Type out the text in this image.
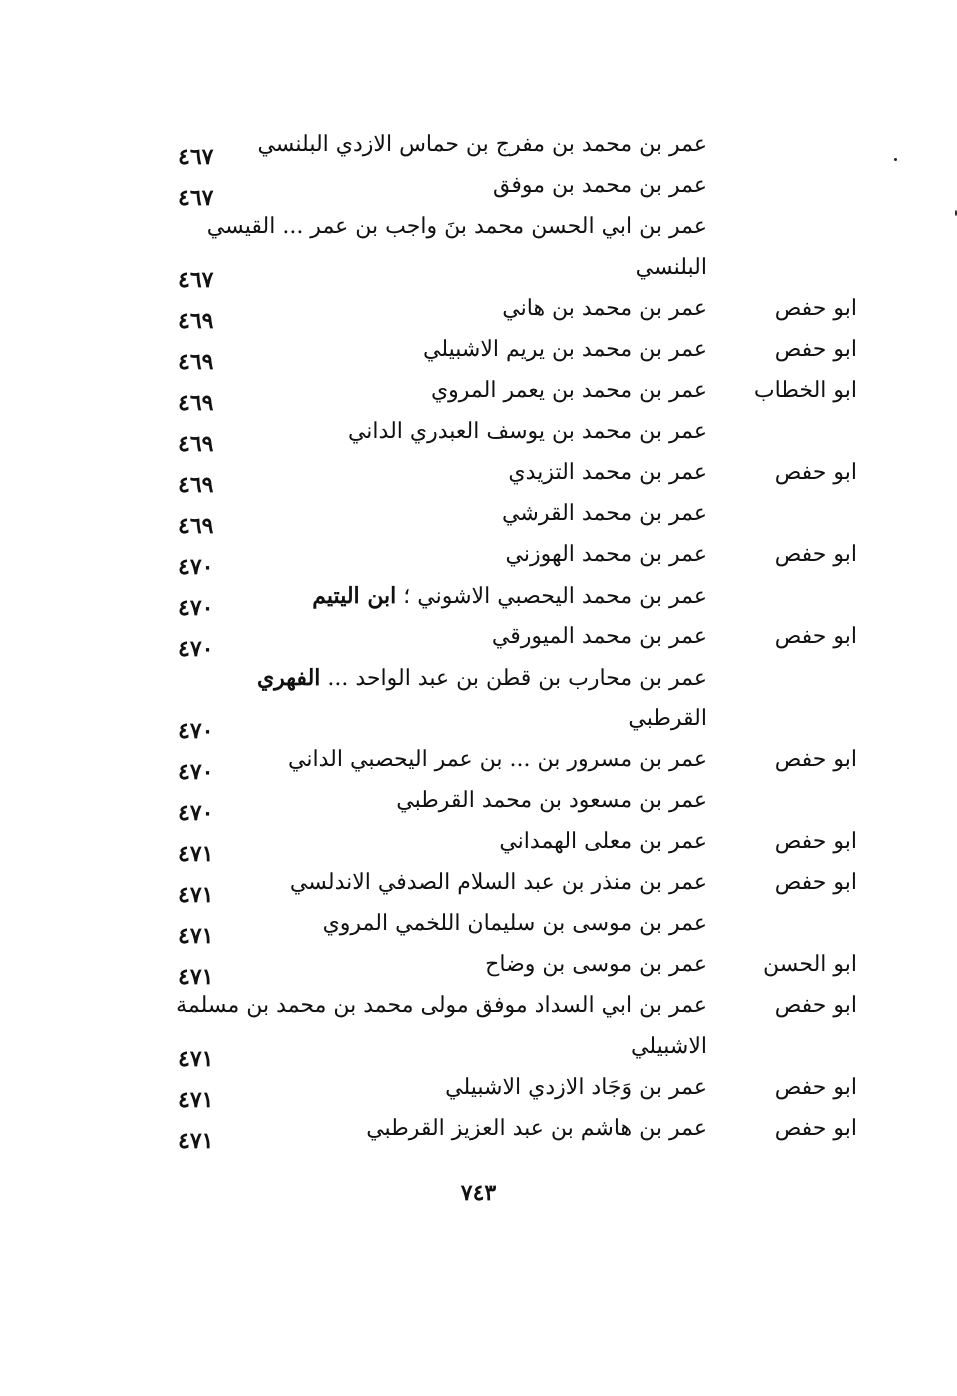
٧٤٣
عمر بن محمد بن مفرج بن حماس الازدي البلنسي
٤٦٧
عمر بن محمد بن موفق
٤٦٧
عمر بن ابي الحسن محمد بنَ واجب بن عمر ... القيسي
البلنسي
٤٦٧
ابو حفص
عمر بن محمد بن هاني
٤٦٩
ابو حفص
عمر بن محمد بن يريم الاشبيلي
٤٦٩
ابو الخطاب
عمر بن محمد بن يعمر المروي
٤٦٩
عمر بن محمد بن يوسف العبدري الداني
٤٦٩
ابو حفص
عمر بن محمد التزيدي
٤٦٩
عمر بن محمد القرشي
٤٦٩
ابو حفص
عمر بن محمد الهوزني
٤٧٠
عمر بن محمد اليحصبي الاشوني ؛ ابن اليتيم
٤٧٠
ابو حفص
عمر بن محمد الميورقي
٤٧٠
عمر بن محارب بن قطن بن عبد الواحد ... الفهري
القرطبي
٤٧٠
ابو حفص
عمر بن مسرور بن ... بن عمر اليحصبي الداني
٤٧٠
عمر بن مسعود بن محمد القرطبي
٤٧٠
ابو حفص
عمر بن معلى الهمداني
٤٧١
ابو حفص
عمر بن منذر بن عبد السلام الصدفي الاندلسي
٤٧١
عمر بن موسى بن سليمان اللخمي المروي
٤٧١
ابو الحسن
عمر بن موسى بن وضاح
٤٧١
ابو حفص
عمر بن ابي السداد موفق مولى محمد بن محمد بن مسلمة
الاشبيلي
٤٧١
ابو حفص
عمر بن وَجَاد الازدي الاشبيلي
٤٧١
ابو حفص
عمر بن هاشم بن عبد العزيز القرطبي
٤٧١
